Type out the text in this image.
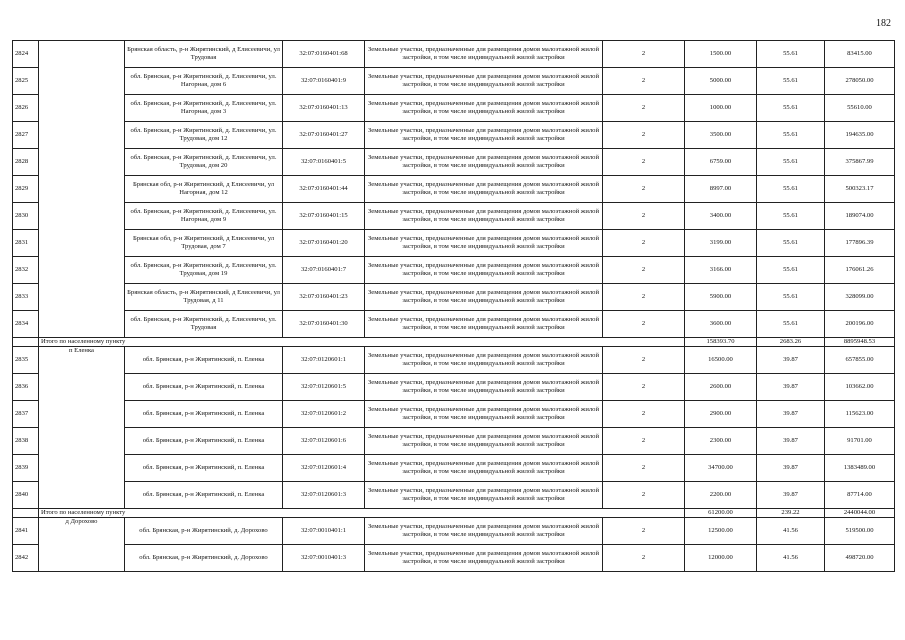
182
2824		Брянская область, р-н Жирятинский, д Елисеевичи, ул Трудовая	32:07:0160401:68	Земельные участки, предназначенные для размещения домов малоэтажной жилой застройки, в том числе индивидуальной жилой застройки	2	1500.00	55.61	83415.00
2825		обл. Брянская, р-н Жирятинский, д. Елисеевичи, ул. Нагорная, дом 6	32:07:0160401:9	Земельные участки, предназначенные для размещения домов малоэтажной жилой застройки, в том числе индивидуальной жилой застройки	2	5000.00	55.61	278050.00
2826		обл. Брянская, р-н Жирятинский, д. Елисеевичи, ул. Нагорная, дом 3	32:07:0160401:13	Земельные участки, предназначенные для размещения домов малоэтажной жилой застройки, в том числе индивидуальной жилой застройки	2	1000.00	55.61	55610.00
2827		обл. Брянская, р-н Жирятинский, д. Елисеевичи, ул. Трудовая, дом 12	32:07:0160401:27	Земельные участки, предназначенные для размещения домов малоэтажной жилой застройки, в том числе индивидуальной жилой застройки	2	3500.00	55.61	194635.00
2828		обл. Брянская, р-н Жирятинский, д. Елисеевичи, ул. Трудовая, дом 20	32:07:0160401:5	Земельные участки, предназначенные для размещения домов малоэтажной жилой застройки, в том числе индивидуальной жилой застройки	2	6759.00	55.61	375867.99
2829		Брянская обл, р-н Жирятинский, д Елисеевичи, ул Нагорная, дом 12	32:07:0160401:44	Земельные участки, предназначенные для размещения домов малоэтажной жилой застройки, в том числе индивидуальной жилой застройки	2	8997.00	55.61	500323.17
2830		обл. Брянская, р-н Жирятинский, д. Елисеевичи, ул. Нагорная, дом 9	32:07:0160401:15	Земельные участки, предназначенные для размещения домов малоэтажной жилой застройки, в том числе индивидуальной жилой застройки	2	3400.00	55.61	189074.00
2831		Брянская обл, р-н Жирятинский, д Елисеевичи, ул Трудовая, дом 7	32:07:0160401:20	Земельные участки, предназначенные для размещения домов малоэтажной жилой застройки, в том числе индивидуальной жилой застройки	2	3199.00	55.61	177896.39
2832		обл. Брянская, р-н Жирятинский, д. Елисеевичи, ул. Трудовая, дом 19	32:07:0160401:7	Земельные участки, предназначенные для размещения домов малоэтажной жилой застройки, в том числе индивидуальной жилой застройки	2	3166.00	55.61	176061.26
2833		Брянская область, р-н Жирятинский, д Елисеевичи, ул Трудовая, д 11	32:07:0160401:23	Земельные участки, предназначенные для размещения домов малоэтажной жилой застройки, в том числе индивидуальной жилой застройки	2	5900.00	55.61	328099.00
2834		обл. Брянская, р-н Жирятинский, д. Елисеевичи, ул. Трудовая	32:07:0160401:30	Земельные участки, предназначенные для размещения домов малоэтажной жилой застройки, в том числе индивидуальной жилой застройки	2	3600.00	55.61	200196.00
	Итого по населенному пункту					158393.70	2683.26	8895948.53
2835	п Еленка	обл. Брянская, р-н Жирятинский, п. Еленка	32:07:0120601:1	Земельные участки, предназначенные для размещения домов малоэтажной жилой застройки, в том числе индивидуальной жилой застройки	2	16500.00	39.87	657855.00
2836		обл. Брянская, р-н Жирятинский, п. Еленка	32:07:0120601:5	Земельные участки, предназначенные для размещения домов малоэтажной жилой застройки, в том числе индивидуальной жилой застройки	2	2600.00	39.87	103662.00
2837		обл. Брянская, р-н Жирятинский, п. Еленка	32:07:0120601:2	Земельные участки, предназначенные для размещения домов малоэтажной жилой застройки, в том числе индивидуальной жилой застройки	2	2900.00	39.87	115623.00
2838		обл. Брянская, р-н Жирятинский, п. Еленка	32:07:0120601:6	Земельные участки, предназначенные для размещения домов малоэтажной жилой застройки, в том числе индивидуальной жилой застройки	2	2300.00	39.87	91701.00
2839		обл. Брянская, р-н Жирятинский, п. Еленка	32:07:0120601:4	Земельные участки, предназначенные для размещения домов малоэтажной жилой застройки, в том числе индивидуальной жилой застройки	2	34700.00	39.87	1383489.00
2840		обл. Брянская, р-н Жирятинский, п. Еленка	32:07:0120601:3	Земельные участки, предназначенные для размещения домов малоэтажной жилой застройки, в том числе индивидуальной жилой застройки	2	2200.00	39.87	87714.00
	Итого по населенному пункту					61200.00	239.22	2440044.00
2841	д Дорохово	обл. Брянская, р-н Жирятинский, д. Дорохово	32:07:0010401:1	Земельные участки, предназначенные для размещения домов малоэтажной жилой застройки, в том числе индивидуальной жилой застройки	2	12500.00	41.56	519500.00
2842		обл. Брянская, р-н Жирятинский, д. Дорохово	32:07:0010401:3	Земельные участки, предназначенные для размещения домов малоэтажной жилой застройки, в том числе индивидуальной жилой застройки	2	12000.00	41.56	498720.00
